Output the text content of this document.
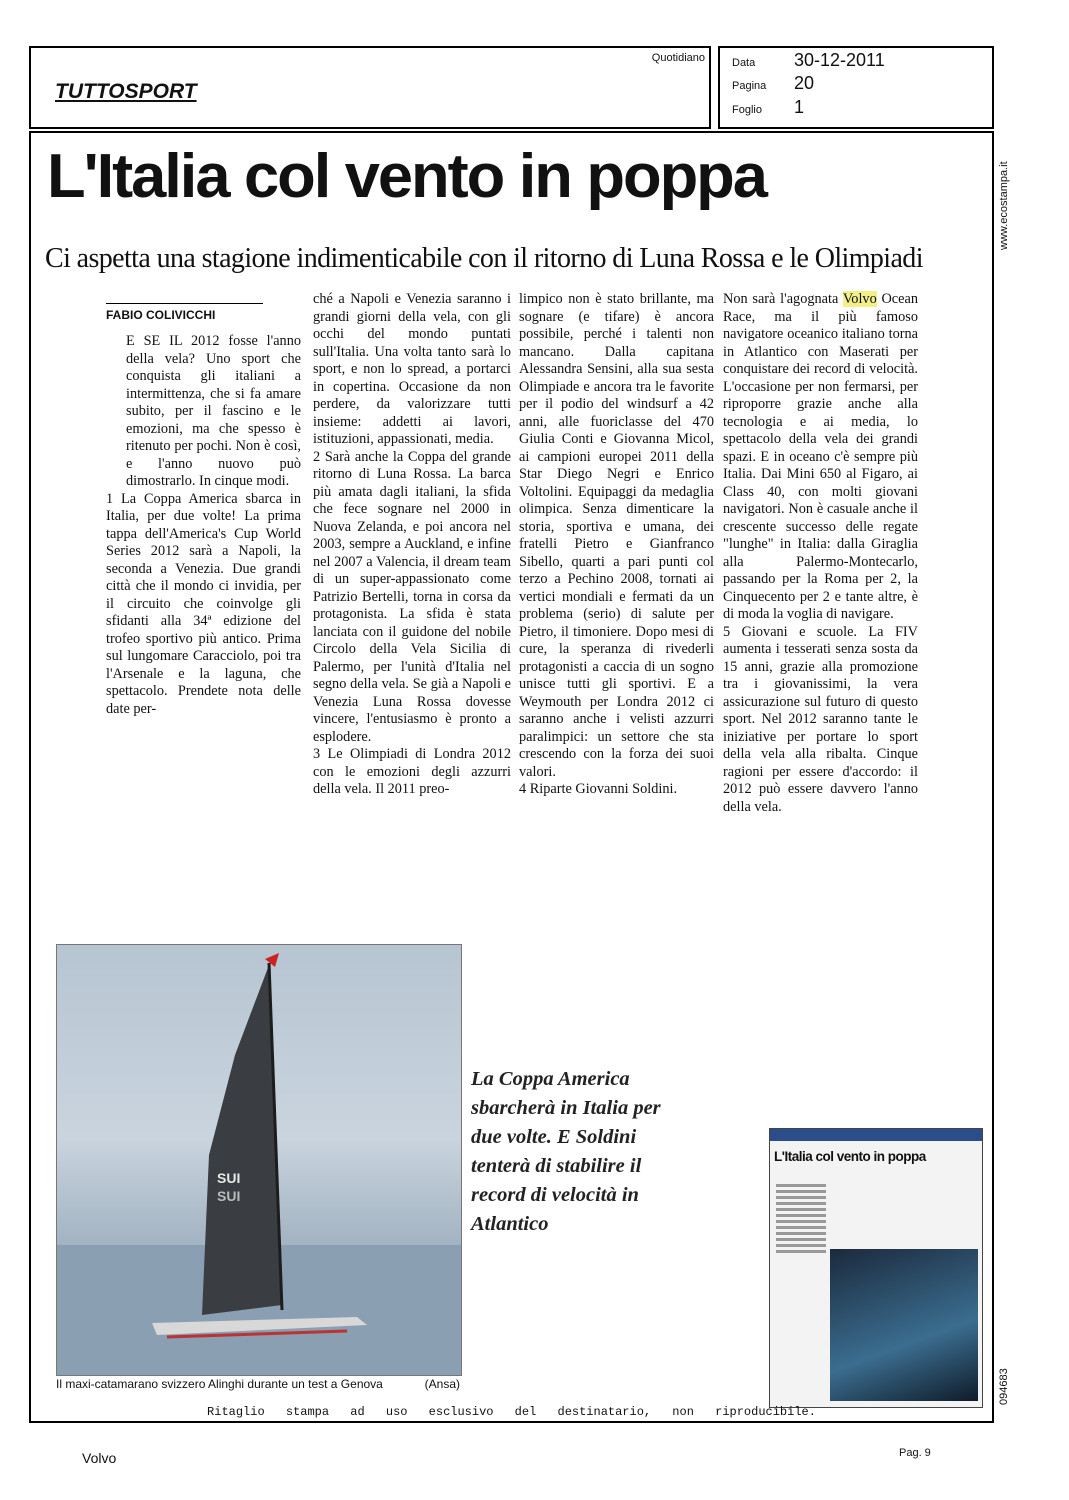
TUTTOSPORT
Quotidiano Data 30-12-2011
Pagina 20
Foglio 1
L'Italia col vento in poppa
Ci aspetta una stagione indimenticabile con il ritorno di Luna Rossa e le Olimpiadi
FABIO COLIVICCHI

E SE IL 2012 fosse l'anno della vela? Uno sport che conquista gli italiani a intermittenza, che si fa amare subito, per il fascino e le emozioni, ma che spesso è ritenuto per pochi. Non è così, e l'anno nuovo può dimostrarlo. In cinque modi.

1 La Coppa America sbarca in Italia, per due volte! La prima tappa dell'America's Cup World Series 2012 sarà a Napoli, la seconda a Venezia. Due grandi città che il mondo ci invidia, per il circuito che coinvolge gli sfidanti alla 34ª edizione del trofeo sportivo più antico. Prima sul lungomare Caracciolo, poi tra l'Arsenale e la laguna, che spettacolo. Prendete nota delle date per-

ché a Napoli e Venezia saranno i grandi giorni della vela, con gli occhi del mondo puntati sull'Italia. Una volta tanto sarà lo sport, e non lo spread, a portarci in copertina. Occasione da non perdere, da valorizzare tutti insieme: addetti ai lavori, istituzioni, appassionati, media.

2 Sarà anche la Coppa del grande ritorno di Luna Rossa. La barca più amata dagli italiani, la sfida che fece sognare nel 2000 in Nuova Zelanda, e poi ancora nel 2003, sempre a Auckland, e infine nel 2007 a Valencia, il dream team di un super-appassionato come Patrizio Bertelli, torna in corsa da protagonista. La sfida è stata lanciata con il guidone del nobile Circolo della Vela Sicilia di Palermo, per l'unità d'Italia nel segno della vela. Se già a Napoli e Venezia Luna Rossa dovesse vincere, l'entusiasmo è pronto a esplodere.

3 Le Olimpiadi di Londra 2012 con le emozioni degli azzurri della vela. Il 2011 preo-

limpico non è stato brillante, ma sognare (e tifare) è ancora possibile, perché i talenti non mancano. Dalla capitana Alessandra Sensini, alla sua sesta Olimpiade e ancora tra le favorite per il podio del windsurf a 42 anni, alle fuoriclasse del 470 Giulia Conti e Giovanna Micol, ai campioni europei 2011 della Star Diego Negri e Enrico Voltolini. Equipaggi da medaglia olimpica. Senza dimenticare la storia, sportiva e umana, dei fratelli Pietro e Gianfranco Sibello, quarti a pari punti col terzo a Pechino 2008, tornati ai vertici mondiali e fermati da un problema (serio) di salute per Pietro, il timoniere. Dopo mesi di cure, la speranza di rivederli protagonisti a caccia di un sogno unisce tutti gli sportivi. E a Weymouth per Londra 2012 ci saranno anche i velisti azzurri paralimpici: un settore che sta crescendo con la forza dei suoi valori.

4 Riparte Giovanni Soldini.

Non sarà l'agognata Volvo Ocean Race, ma il più famoso navigatore oceanico italiano torna in Atlantico con Maserati per conquistare dei record di velocità. L'occasione per non fermarsi, per riproporre grazie anche alla tecnologia e ai media, lo spettacolo della vela dei grandi spazi. E in oceano c'è sempre più Italia. Dai Mini 650 al Figaro, ai Class 40, con molti giovani navigatori. Non è casuale anche il crescente successo delle regate "lunghe" in Italia: dalla Giraglia alla Palermo-Montecarlo, passando per la Roma per 2, la Cinquecento per 2 e tante altre, è di moda la voglia di navigare.

5 Giovani e scuole. La FIV aumenta i tesserati senza sosta da 15 anni, grazie alla promozione tra i giovanissimi, la vera assicurazione sul futuro di questo sport. Nel 2012 saranno tante le iniziative per portare lo sport della vela alla ribalta. Cinque ragioni per essere d'accordo: il 2012 può essere davvero l'anno della vela.

SUI
SUI
Il maxi-catamarano svizzero Alinghi durante un test a Genova	(Ansa)
La Coppa America sbarcherà in Italia per due volte. E Soldini tenterà di stabilire il record di velocità in Atlantico
L'Italia col vento in poppa
Ritaglio stampa ad uso esclusivo del destinatario, non riproducibile.
www.ecostampa.it
094683
Volvo	Pag. 9
